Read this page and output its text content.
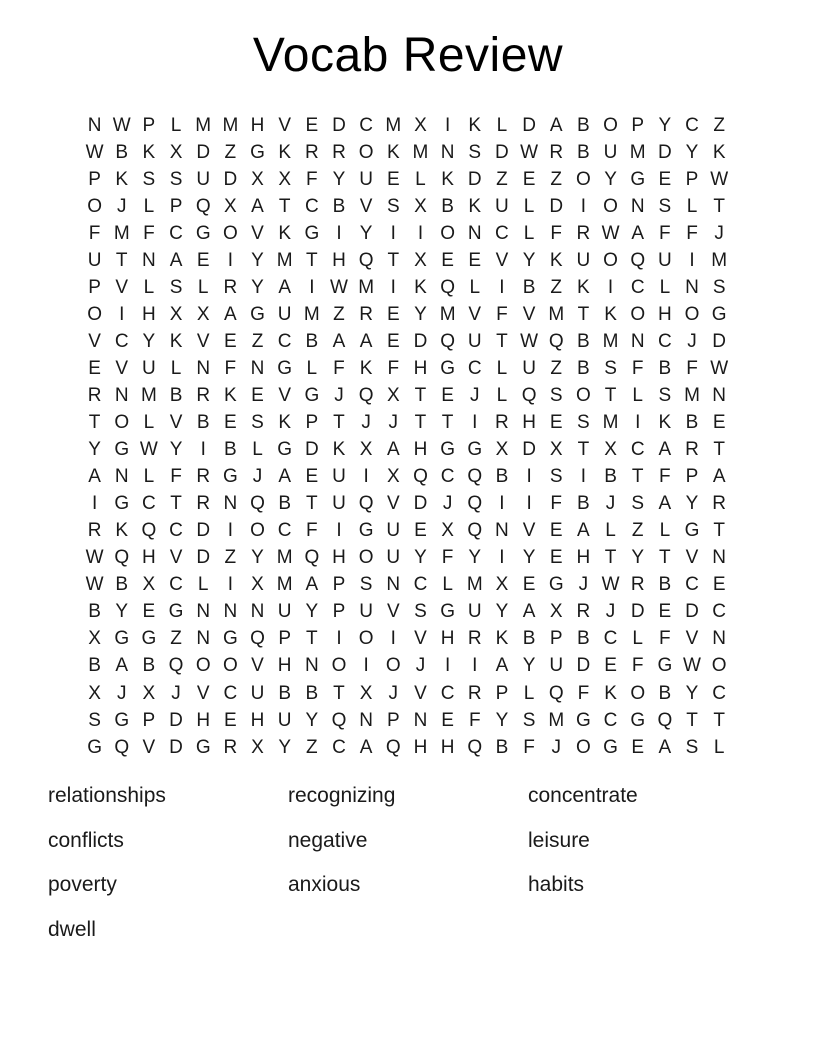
Vocab Review
N W P L M M H V E D C M X I K L D A B O P Y C Z
W B K X D Z G K R R O K M N S D W R B U M D Y K
P K S S U D X X F Y U E L K D Z E Z O Y G E P W
O J L P Q X A T C B V S X B K U L D I O N S L T
F M F C G O V K G I Y I	I O N C L F R W A F F J
U T N A E I Y M T H Q T X E E V Y K U O Q U I M
P V L S L R Y A I W M I K Q L	I B Z K I C L N S
O I H X X A G U M Z R E Y M V F V M T K O H O G
V C Y K V E Z C B A A E D Q U T W Q B M N C J D
E V U L N F N G L F K F H G C L U Z B S F B F W
R N M B R K E V G J Q X T E J L Q S O T L S M N
T O L V B E S K P T J J T T I R H E S M I K B E
Y G W Y I B L G D K X A H G G X D X T X C A R T
A N L F R G J A E U I X Q C Q B I S I B T F P A
I G C T R N Q B T U Q V D J Q I	I F B J S A Y R
R K Q C D I O C F I G U E X Q N V E A L Z L G T
W Q H V D Z Y M Q H O U Y F Y I Y E H T Y T V N
W B X C L	I X M A P S N C L M X E G J W R B C E
B Y E G N N N U Y P U V S G U Y A X R J D E D C
X G G Z N G Q P T I O I V H R K B P B C L F V N
B A B Q O O V H N O I O J	I	I A Y U D E F G W O
X J X J V C U B B T X J V C R P L Q F K O B Y C
S G P D H E H U Y Q N P N E F Y S M G C G Q T T
G Q V D G R X Y Z C A Q H H Q B F J O G E A S L
relationships
conflicts
poverty
dwell
recognizing
negative
anxious
concentrate
leisure
habits
